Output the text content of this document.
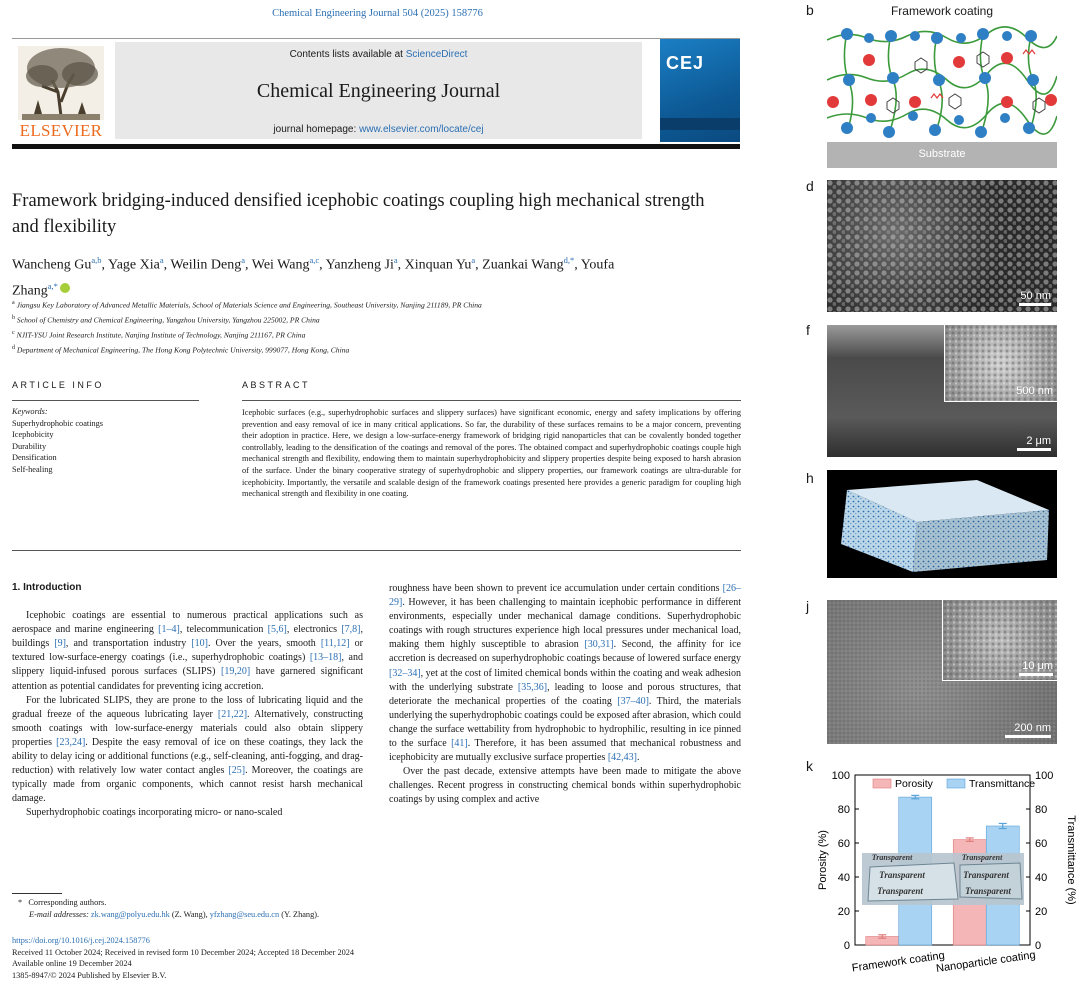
Chemical Engineering Journal 504 (2025) 158776
ELSEVIER
Contents lists available at ScienceDirect
Chemical Engineering Journal
journal homepage: www.elsevier.com/locate/cej
CEJ
Framework bridging-induced densified icephobic coatings coupling high mechanical strength and flexibility
Wancheng Gu$^{a,b}$, Yage Xia$^a$, Weilin Deng$^a$, Wei Wang$^{a,c}$, Yanzheng Ji$^a$, Xinquan Yu$^a$, Zuankai Wang$^{d,*}$, Youfa Zhang$^{a,*}$
$^a$ Jiangsu Key Laboratory of Advanced Metallic Materials, School of Materials Science and Engineering, Southeast University, Nanjing 211189, PR China
$^b$ School of Chemistry and Chemical Engineering, Yangzhou University, Yangzhou 225002, PR China
$^c$ NJIT-YSU Joint Research Institute, Nanjing Institute of Technology, Nanjing 211167, PR China
$^d$ Department of Mechanical Engineering, The Hong Kong Polytechnic University, 999077, Hong Kong, China
ARTICLE INFO	ABSTRACT
Keywords:
Superhydrophobic coatings
Icephobicity
Durability
Densification
Self-healing
Icephobic surfaces (e.g., superhydrophobic surfaces and slippery surfaces) have significant economic, energy and safety implications by offering prevention and easy removal of ice in many critical applications. So far, the durability of these surfaces remains to be a major concern, preventing their adoption in practice. Here, we design a low-surface-energy framework of bridging rigid nanoparticles that can be covalently bonded together controllably, leading to the densification of the coatings and removal of the pores. The obtained compact and superhydrophobic coatings couple high mechanical strength and flexibility, endowing them to maintain superhydrophobicity and slippery properties despite being exposed to harsh abrasion of the surface. Under the binary cooperative strategy of superhydrophobic and slippery properties, our framework coatings are ultra-durable for icephobicity. Importantly, the versatile and scalable design of the framework coatings presented here provides a generic paradigm for coupling high mechanical strength and flexibility in one coating.
1. Introduction

Icephobic coatings are essential to numerous practical applications such as aerospace and marine engineering [1–4], telecommunication [5,6], electronics [7,8], buildings [9], and transportation industry [10]. Over the years, smooth [11,12] or textured low-surface-energy coatings (i.e., superhydrophobic coatings) [13–18], and slippery liquid-infused porous surfaces (SLIPS) [19,20] have garnered significant attention as potential candidates for preventing icing accretion.

For the lubricated SLIPS, they are prone to the loss of lubricating liquid and the gradual freeze of the aqueous lubricating layer [21,22]. Alternatively, constructing smooth coatings with low-surface-energy materials could also obtain slippery properties [23,24]. Despite the easy removal of ice on these coatings, they lack the ability to delay icing or additional functions (e.g., self-cleaning, anti-fogging, and drag-reduction) with relatively low water contact angles [25]. Moreover, the coatings are typically made from organic components, which cannot resist harsh mechanical damage.

Superhydrophobic coatings incorporating micro- or nano-scaled

roughness have been shown to prevent ice accumulation under certain conditions [26–29]. However, it has been challenging to maintain icephobic performance in different environments, especially under mechanical damage conditions. Superhydrophobic coatings with rough structures experience high local pressures under mechanical load, making them highly susceptible to abrasion [30,31]. Second, the affinity for ice accretion is decreased on superhydrophobic coatings because of lowered surface energy [32–34], yet at the cost of limited chemical bonds within the coating and weak adhesion with the underlying substrate [35,36], leading to loose and porous structures, that deteriorate the mechanical properties of the coating [37–40]. Third, the materials underlying the superhydrophobic coatings could be exposed after abrasion, which could change the surface wettability from hydrophobic to hydrophilic, resulting in ice pinned to the surface [41]. Therefore, it has been assumed that mechanical robustness and icephobicity are mutually exclusive surface properties [42,43].

Over the past decade, extensive attempts have been made to mitigate the above challenges. Recent progress in constructing chemical bonds within superhydrophobic coatings by using complex and active

* Corresponding authors.
E-mail addresses: zk.wang@polyu.edu.hk (Z. Wang), yfzhang@seu.edu.cn (Y. Zhang).
https://doi.org/10.1016/j.cej.2024.158776
Received 11 October 2024; Received in revised form 10 December 2024; Accepted 18 December 2024
Available online 19 December 2024
1385-8947/© 2024 Published by Elsevier B.V.
b	Framework coating
Substrate
d
50 nm
f
500 nm
2 μm
h
j
10 μm
200 nm
k
0	0
20	20
40	40
60	60
80	80
100	100
Framework coating
Nanoparticle coating
Transparent
Transparent
Transparent
Transparent
Transparent
Transparent
Porosity	Transmittance
Porosity (%)	Transmittance (%)
